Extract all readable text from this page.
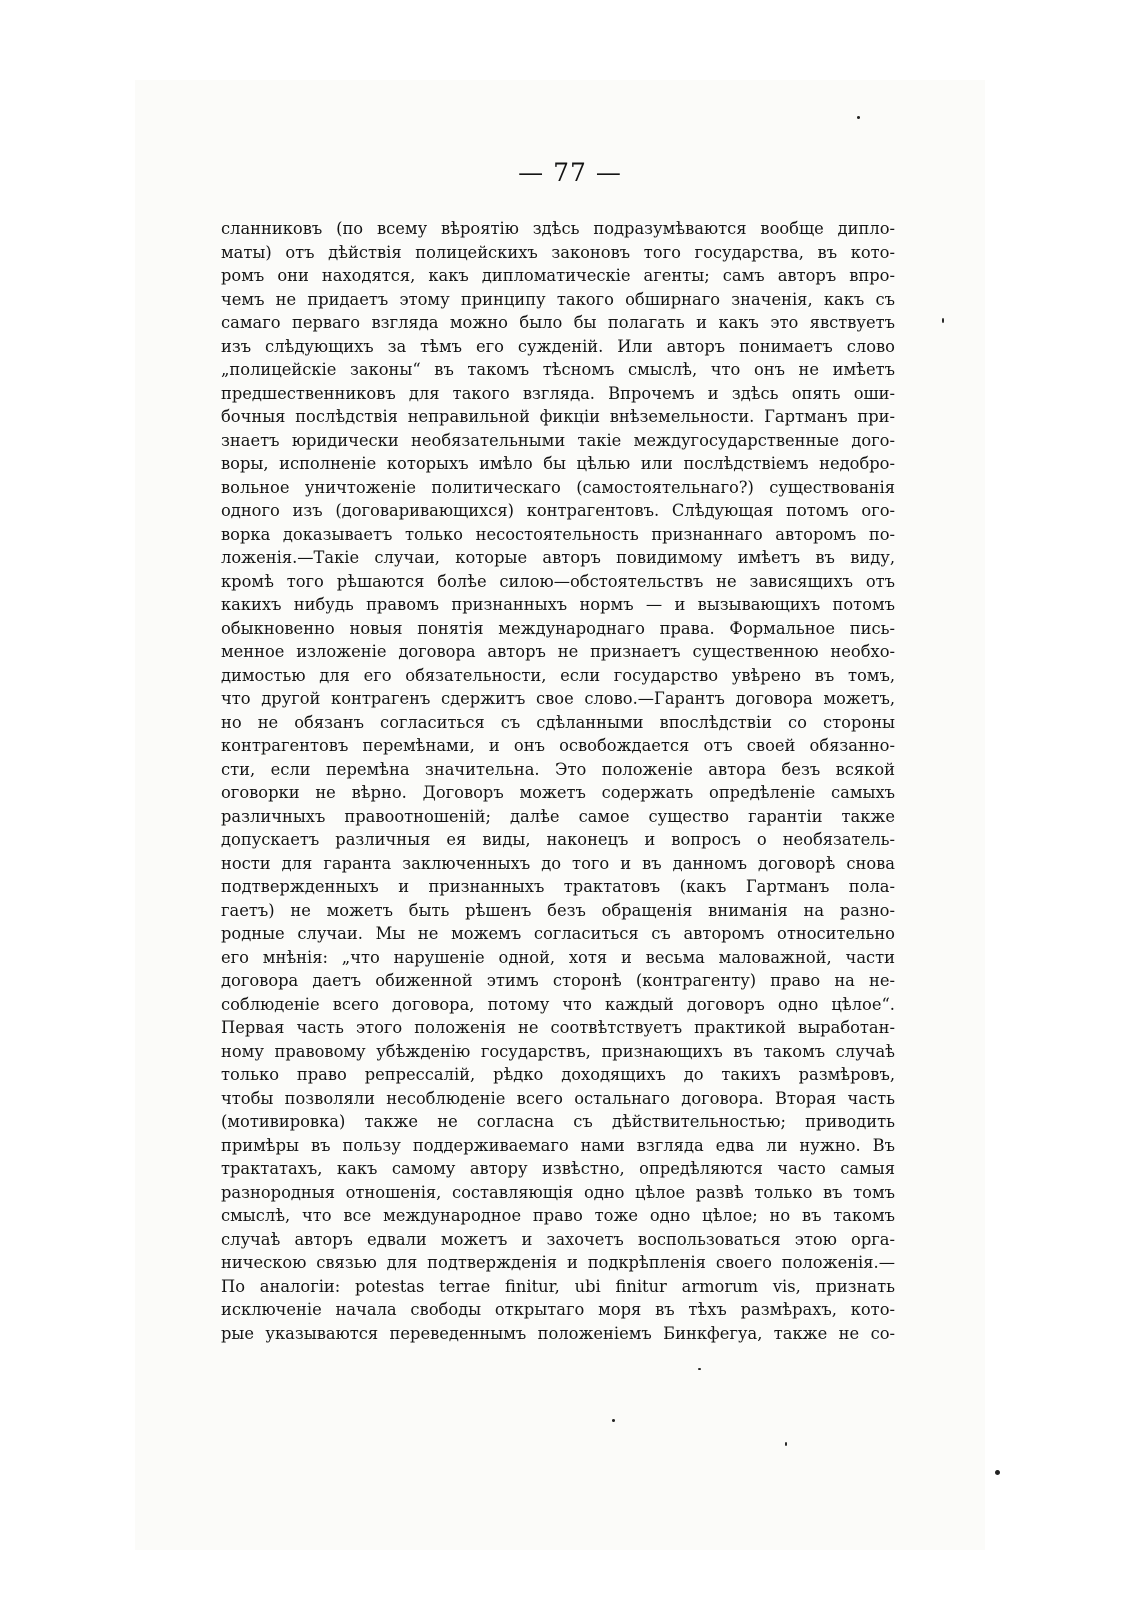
— 77 —
сланниковъ (по всему вѣроятію здѣсь подразумѣваются вообще дипло-
маты) отъ дѣйствія полицейскихъ законовъ того государства, въ кото-
ромъ они находятся, какъ дипломатическіе агенты; самъ авторъ впро-
чемъ не придаетъ этому принципу такого обширнаго значенія, какъ съ
самаго перваго взгляда можно было бы полагать и какъ это явствуетъ
изъ слѣдующихъ за тѣмъ его сужденій. Или авторъ понимаетъ слово
„полицейскіе законы“ въ такомъ тѣсномъ смыслѣ, что онъ не имѣетъ
предшественниковъ для такого взгляда. Впрочемъ и здѣсь опять оши-
бочныя послѣдствія неправильной фикціи внѣземельности. Гартманъ при-
знаетъ юридически необязательными такіе междугосударственные дого-
воры, исполненіе которыхъ имѣло бы цѣлью или послѣдствіемъ недобро-
вольное уничтоженіе политическаго (самостоятельнаго?) существованія
одного изъ (договаривающихся) контрагентовъ. Слѣдующая потомъ ого-
ворка доказываетъ только несостоятельность признаннаго авторомъ по-
ложенія.—Такіе случаи, которые авторъ повидимому имѣетъ въ виду,
кромѣ того рѣшаются болѣе силою—обстоятельствъ не зависящихъ отъ
какихъ нибудь правомъ признанныхъ нормъ — и вызывающихъ потомъ
обыкновенно новыя понятія международнаго права. Формальное пись-
менное изложеніе договора авторъ не признаетъ существенною необхо-
димостью для его обязательности, если государство увѣрено въ томъ,
что другой контрагенъ сдержитъ свое слово.—Гарантъ договора можетъ,
но не обязанъ согласиться съ сдѣланными впослѣдствіи со стороны
контрагентовъ перемѣнами, и онъ освобождается отъ своей обязанно-
сти, если перемѣна значительна. Это положеніе автора безъ всякой
оговорки не вѣрно. Договоръ можетъ содержать опредѣленіе самыхъ
различныхъ правоотношеній; далѣе самое существо гарантіи также
допускаетъ различныя ея виды, наконецъ и вопросъ о необязатель-
ности для гаранта заключенныхъ до того и въ данномъ договорѣ снова
подтвержденныхъ и признанныхъ трактатовъ (какъ Гартманъ пола-
гаетъ) не можетъ быть рѣшенъ безъ обращенія вниманія на разно-
родные случаи. Мы не можемъ согласиться съ авторомъ относительно
его мнѣнія: „что нарушеніе одной, хотя и весьма маловажной, части
договора даетъ обиженной этимъ сторонѣ (контрагенту) право на не-
соблюденіе всего договора, потому что каждый договоръ одно цѣлое“.
Первая часть этого положенія не соотвѣтствуетъ практикой выработан-
ному правовому убѣжденію государствъ, признающихъ въ такомъ случаѣ
только право репрессалій, рѣдко доходящихъ до такихъ размѣровъ,
чтобы позволяли несоблюденіе всего остальнаго договора. Вторая часть
(мотивировка) также не согласна съ дѣйствительностью; приводить
примѣры въ пользу поддерживаемаго нами взгляда едва ли нужно. Въ
трактатахъ, какъ самому автору извѣстно, опредѣляются часто самыя
разнородныя отношенія, составляющія одно цѣлое развѣ только въ томъ
смыслѣ, что все международное право тоже одно цѣлое; но въ такомъ
случаѣ авторъ едвали можетъ и захочетъ воспользоваться этою орга-
ническою связью для подтвержденія и подкрѣпленія своего положенія.—
По аналогіи: potestas terrae finitur, ubi finitur armorum vis, признать
исключеніе начала свободы открытаго моря въ тѣхъ размѣрахъ, кото-
рые указываются переведеннымъ положеніемъ Бинкфегуа, также не со-
